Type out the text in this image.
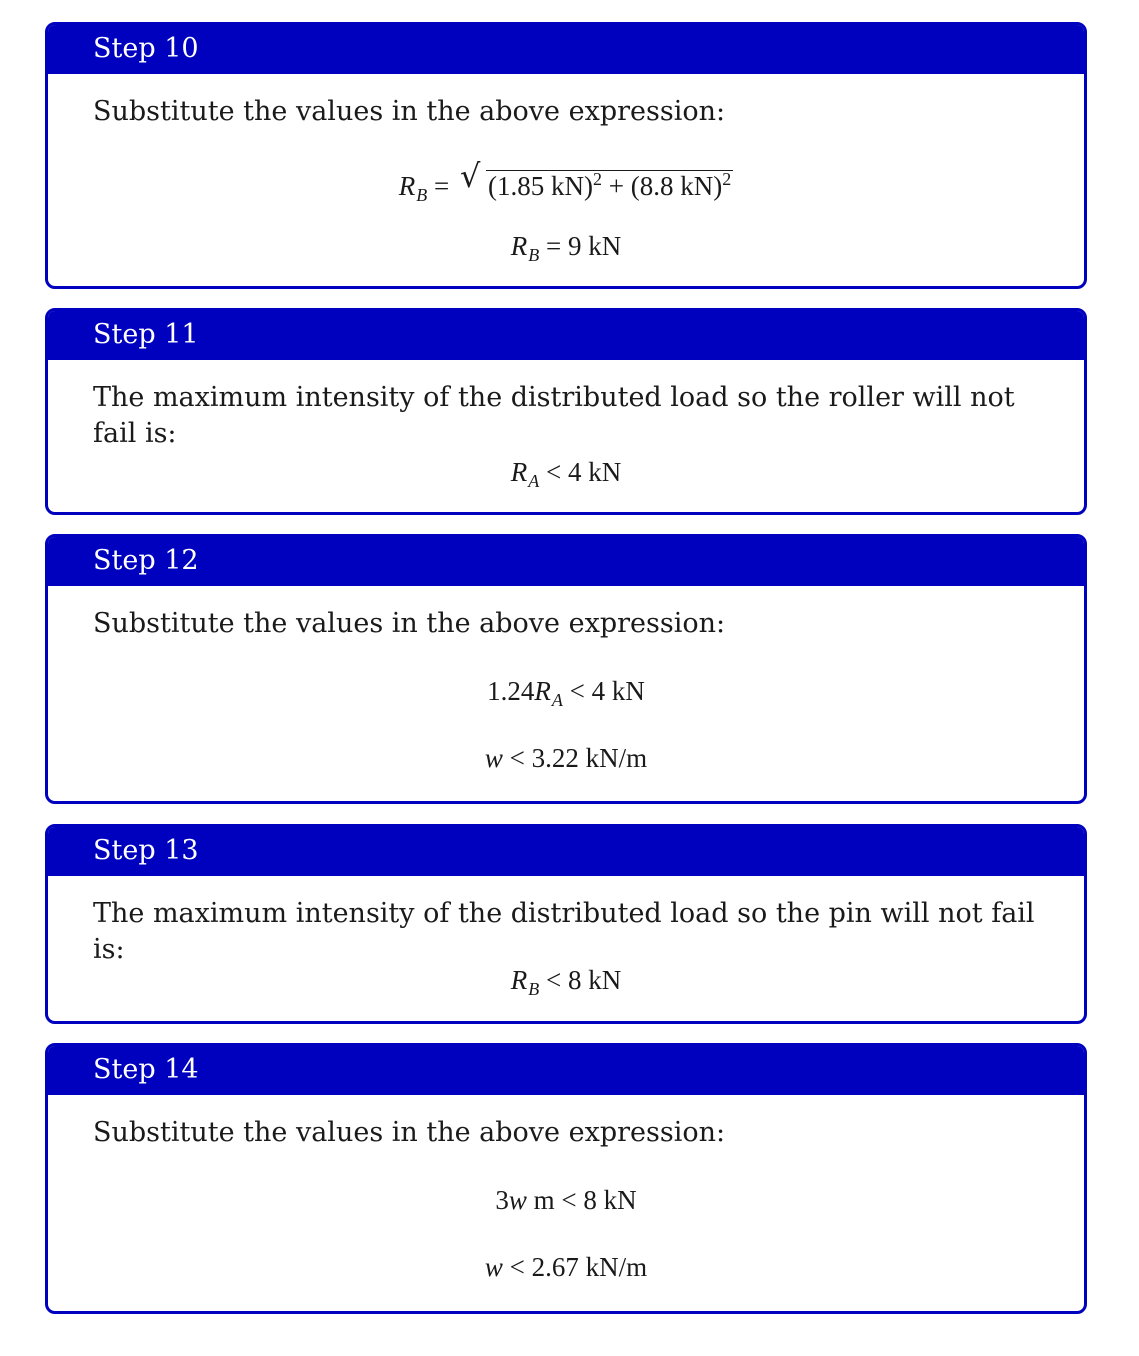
Step 10
Substitute the values in the above expression:
$R_B$ = √ (1.85 kN)$^2$ + (8.8 kN)$^2$
$R_B = 9$ kN
Step 11
The maximum intensity of the distributed load so the roller will not fail is:
$R_A < 4$ kN
Step 12
Substitute the values in the above expression:
$1.24R_A < 4$ kN
w < 3.22 kN/m
Step 13
The maximum intensity of the distributed load so the pin will not fail is:
$R_B < 8$ kN
Step 14
Substitute the values in the above expression:
3w m < 8 kN
w < 2.67 kN/m
